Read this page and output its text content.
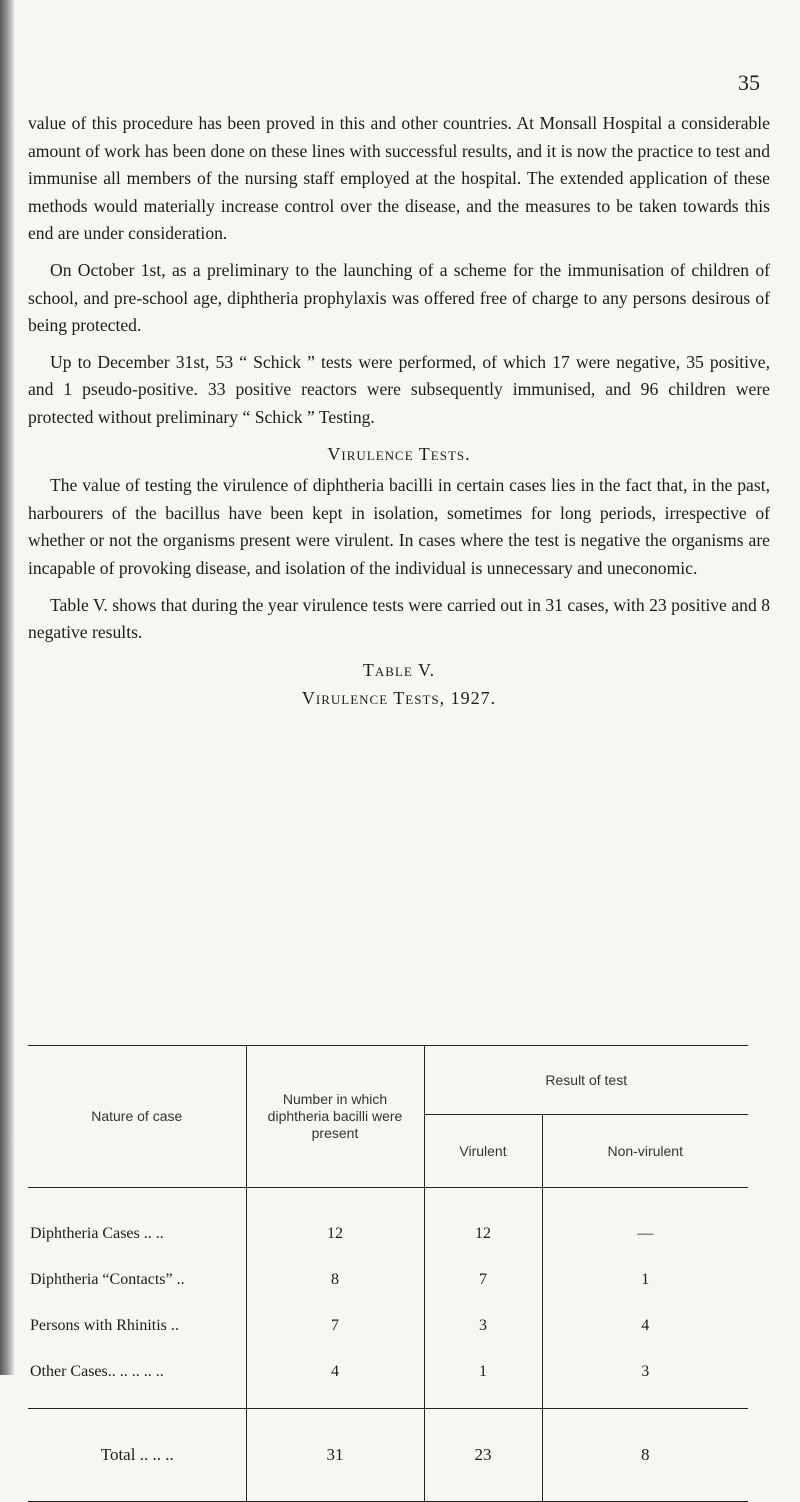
35

value of this procedure has been proved in this and other countries. At Monsall Hospital a considerable amount of work has been done on these lines with successful results, and it is now the practice to test and immunise all members of the nursing staff employed at the hospital. The extended application of these methods would materially increase control over the disease, and the measures to be taken towards this end are under consideration.

On October 1st, as a preliminary to the launching of a scheme for the immunisation of children of school, and pre-school age, diphtheria prophylaxis was offered free of charge to any persons desirous of being protected.

Up to December 31st, 53 “ Schick ” tests were performed, of which 17 were negative, 35 positive, and 1 pseudo-positive. 33 positive reactors were subsequently immunised, and 96 children were protected without preliminary “ Schick ” Testing.

Virulence Tests.

The value of testing the virulence of diphtheria bacilli in certain cases lies in the fact that, in the past, harbourers of the bacillus have been kept in isolation, sometimes for long periods, irrespective of whether or not the organisms present were virulent. In cases where the test is negative the organisms are incapable of provoking disease, and isolation of the individual is unnecessary and uneconomic.

Table V. shows that during the year virulence tests were carried out in 31 cases, with 23 positive and 8 negative results.

Table V.
Virulence Tests, 1927.
Nature of case	Number in which diphtheria bacilli were present	Result of test	
		Virulent	Non-virulent
Diphtheria Cases .. ..	12	12	—
Diphtheria “Contacts” ..	8	7	1
Persons with Rhinitis ..	7	3	4
Other Cases.. .. .. .. ..	4	1	3
Total .. .. ..	31	23	8
